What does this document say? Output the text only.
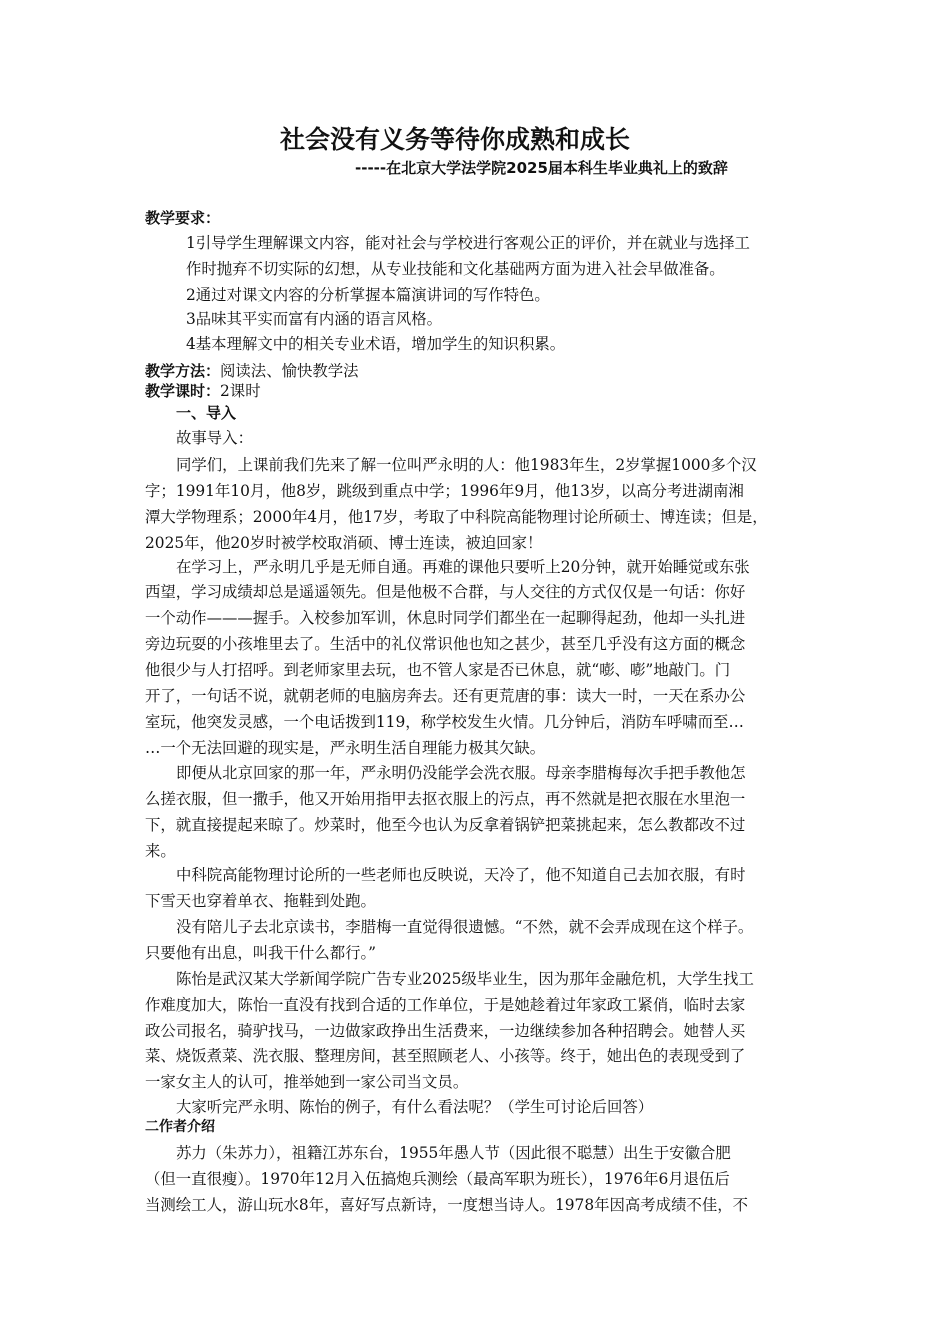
社会没有义务等待你成熟和成长
-----在北京大学法学院2025届本科生毕业典礼上的致辞
教学要求：
1引导学生理解课文内容，能对社会与学校进行客观公正的评价，并在就业与选择工
作时抛弃不切实际的幻想，从专业技能和文化基础两方面为进入社会早做准备。
2通过对课文内容的分析掌握本篇演讲词的写作特色。
3品味其平实而富有内涵的语言风格。
4基本理解文中的相关专业术语，增加学生的知识积累。
教学方法：阅读法、愉快教学法
教学课时：2课时
一、导入
故事导入：
同学们，上课前我们先来了解一位叫严永明的人：他1983年生，2岁掌握1000多个汉
字；1991年10月，他8岁，跳级到重点中学；1996年9月，他13岁，以高分考进湖南湘
潭大学物理系；2000年4月，他17岁，考取了中科院高能物理讨论所硕士、博连读；但是，
2025年，他20岁时被学校取消硕、博士连读，被迫回家！
在学习上，严永明几乎是无师自通。再难的课他只要听上20分钟，就开始睡觉或东张
西望，学习成绩却总是遥遥领先。但是他极不合群，与人交往的方式仅仅是一句话：你好
一个动作———握手。入校参加军训，休息时同学们都坐在一起聊得起劲，他却一头扎进
旁边玩耍的小孩堆里去了。生活中的礼仪常识他也知之甚少，甚至几乎没有这方面的概念
他很少与人打招呼。到老师家里去玩，也不管人家是否已休息，就“嘭、嘭”地敲门。门
开了，一句话不说，就朝老师的电脑房奔去。还有更荒唐的事：读大一时，一天在系办公
室玩，他突发灵感，一个电话拨到119，称学校发生火情。几分钟后，消防车呼啸而至…
…一个无法回避的现实是，严永明生活自理能力极其欠缺。
即便从北京回家的那一年，严永明仍没能学会洗衣服。母亲李腊梅每次手把手教他怎
么搓衣服，但一撒手，他又开始用指甲去抠衣服上的污点，再不然就是把衣服在水里泡一
下，就直接提起来晾了。炒菜时，他至今也认为反拿着锅铲把菜挑起来，怎么教都改不过
来。
中科院高能物理讨论所的一些老师也反映说，天冷了，他不知道自己去加衣服，有时
下雪天也穿着单衣、拖鞋到处跑。
没有陪儿子去北京读书，李腊梅一直觉得很遗憾。“不然，就不会弄成现在这个样子。
只要他有出息，叫我干什么都行。”
陈怡是武汉某大学新闻学院广告专业2025级毕业生，因为那年金融危机，大学生找工
作难度加大，陈怡一直没有找到合适的工作单位，于是她趁着过年家政工紧俏，临时去家
政公司报名，骑驴找马，一边做家政挣出生活费来，一边继续参加各种招聘会。她替人买
菜、烧饭煮菜、洗衣服、整理房间，甚至照顾老人、小孩等。终于，她出色的表现受到了
一家女主人的认可，推举她到一家公司当文员。
大家听完严永明、陈怡的例子，有什么看法呢？（学生可讨论后回答）
二作者介绍
苏力（朱苏力），祖籍江苏东台，1955年愚人节（因此很不聪慧）出生于安徽合肥
（但一直很瘦）。1970年12月入伍搞炮兵测绘（最高军职为班长），1976年6月退伍后
当测绘工人，游山玩水8年，喜好写点新诗，一度想当诗人。1978年因高考成绩不佳，不
